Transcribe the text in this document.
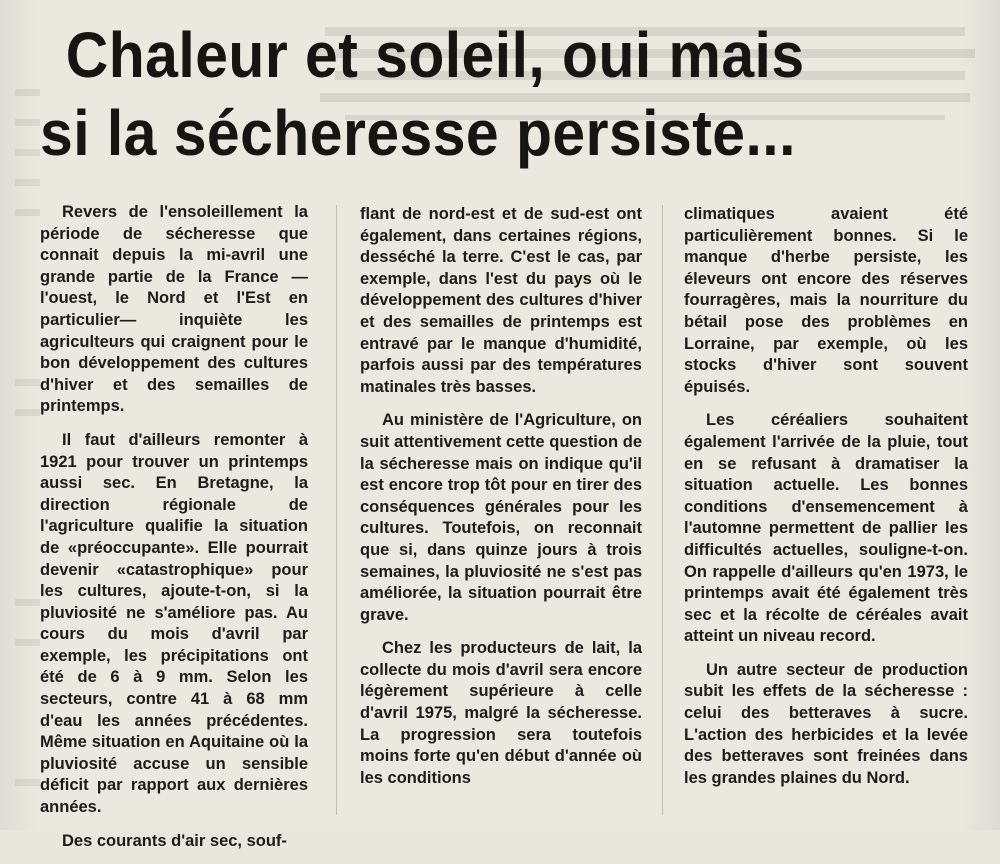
Chaleur et soleil, oui mais
si la sécheresse persiste...

Revers de l'ensoleillement la période de sécheresse que connait depuis la mi-avril une grande partie de la France —l'ouest, le Nord et l'Est en particulier— inquiète les agriculteurs qui craignent pour le bon développement des cultures d'hiver et des semailles de printemps.

Il faut d'ailleurs remonter à 1921 pour trouver un printemps aussi sec. En Bretagne, la direction régionale de l'agriculture qualifie la situation de «préoccupante». Elle pourrait devenir «catastrophique» pour les cultures, ajoute-t-on, si la pluviosité ne s'améliore pas. Au cours du mois d'avril par exemple, les précipitations ont été de 6 à 9 mm. Selon les secteurs, contre 41 à 68 mm d'eau les années précédentes. Même situation en Aquitaine où la pluviosité accuse un sensible déficit par rapport aux dernières années.

Des courants d'air sec, souf-

flant de nord-est et de sud-est ont également, dans certaines régions, desséché la terre. C'est le cas, par exemple, dans l'est du pays où le développement des cultures d'hiver et des semailles de printemps est entravé par le manque d'humidité, parfois aussi par des températures matinales très basses.

Au ministère de l'Agriculture, on suit attentivement cette question de la sécheresse mais on indique qu'il est encore trop tôt pour en tirer des conséquences générales pour les cultures. Toutefois, on reconnait que si, dans quinze jours à trois semaines, la pluviosité ne s'est pas améliorée, la situation pourrait être grave.

Chez les producteurs de lait, la collecte du mois d'avril sera encore légèrement supérieure à celle d'avril 1975, malgré la sécheresse. La progression sera toutefois moins forte qu'en début d'année où les conditions

climatiques avaient été particulièrement bonnes. Si le manque d'herbe persiste, les éleveurs ont encore des réserves fourragères, mais la nourriture du bétail pose des problèmes en Lorraine, par exemple, où les stocks d'hiver sont souvent épuisés.

Les céréaliers souhaitent également l'arrivée de la pluie, tout en se refusant à dramatiser la situation actuelle. Les bonnes conditions d'ensemencement à l'automne permettent de pallier les difficultés actuelles, souligne-t-on. On rappelle d'ailleurs qu'en 1973, le printemps avait été également très sec et la récolte de céréales avait atteint un niveau record.

Un autre secteur de production subit les effets de la sécheresse : celui des betteraves à sucre. L'action des herbicides et la levée des betteraves sont freinées dans les grandes plaines du Nord.
